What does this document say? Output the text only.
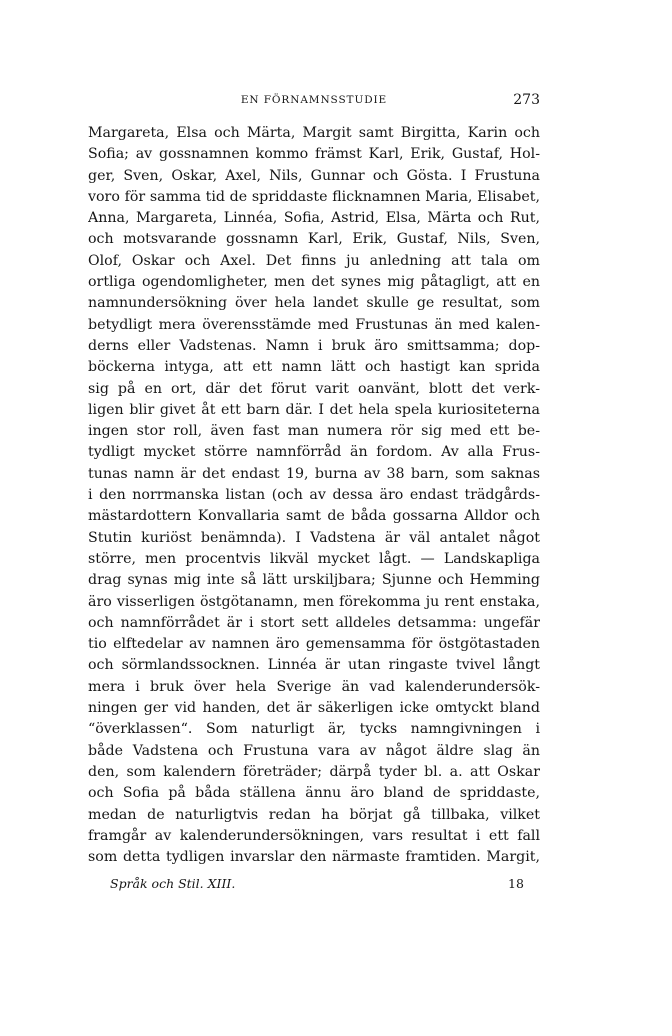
EN FÖRNAMNSSTUDIE	273
Margareta, Elsa och Märta, Margit samt Birgitta, Karin och
Sofia; av gossnamnen kommo främst Karl, Erik, Gustaf, Hol-
ger, Sven, Oskar, Axel, Nils, Gunnar och Gösta. I Frustuna
voro för samma tid de spriddaste flicknamnen Maria, Elisabet,
Anna, Margareta, Linnéa, Sofia, Astrid, Elsa, Märta och Rut,
och motsvarande gossnamn Karl, Erik, Gustaf, Nils, Sven,
Olof, Oskar och Axel. Det finns ju anledning att tala om
ortliga ogendomligheter, men det synes mig påtagligt, att en
namnundersökning över hela landet skulle ge resultat, som
betydligt mera överensstämde med Frustunas än med kalen-
derns eller Vadstenas. Namn i bruk äro smittsamma; dop-
böckerna intyga, att ett namn lätt och hastigt kan sprida
sig på en ort, där det förut varit oanvänt, blott det verk-
ligen blir givet åt ett barn där. I det hela spela kuriositeterna
ingen stor roll, även fast man numera rör sig med ett be-
tydligt mycket större namnförråd än fordom. Av alla Frus-
tunas namn är det endast 19, burna av 38 barn, som saknas
i den norrmanska listan (och av dessa äro endast trädgårds-
mästardottern Konvallaria samt de båda gossarna Alldor och
Stutin kuriöst benämnda). I Vadstena är väl antalet något
större, men procentvis likväl mycket lågt. — Landskapliga
drag synas mig inte så lätt urskiljbara; Sjunne och Hemming
äro visserligen östgötanamn, men förekomma ju rent enstaka,
och namnförrådet är i stort sett alldeles detsamma: ungefär
tio elftedelar av namnen äro gemensamma för östgötastaden
och sörmlandssocknen. Linnéa är utan ringaste tvivel långt
mera i bruk över hela Sverige än vad kalenderundersök-
ningen ger vid handen, det är säkerligen icke omtyckt bland
“överklassen“. Som naturligt är, tycks namngivningen i
både Vadstena och Frustuna vara av något äldre slag än
den, som kalendern företräder; därpå tyder bl. a. att Oskar
och Sofia på båda ställena ännu äro bland de spriddaste,
medan de naturligtvis redan ha börjat gå tillbaka, vilket
framgår av kalenderundersökningen, vars resultat i ett fall
som detta tydligen invarslar den närmaste framtiden. Margit,
Språk och Stil. XIII.	18
